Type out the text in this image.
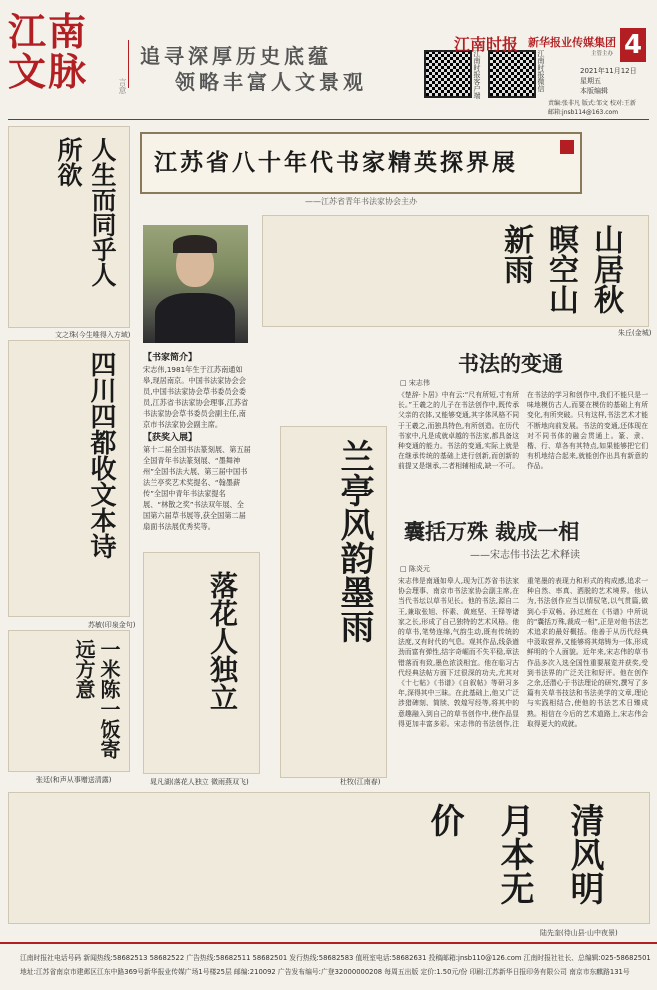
江南
文脉	言意
追寻深厚历史底蕴
领略丰富人文景观	江南时报客户端	江南时报微信
江南时报 新华报业传媒集团
主管主办 4
2021年11月12日
星期五
本版编辑
责编:张非凡 版式:邹文 校对:王新
邮箱:jnsb114@163.com
人生而同乎人所欲
文之珠(今生唯得入方域)
四川四都收文本诗
苏敏(印泉金句)
一米陈一饭寄远方意
张廷(和声从事赠送清露)
江苏省八十年代书家精英探界展
——江苏省青年书法家协会主办
【书家简介】
宋志伟,1981年生于江苏南通如皋,现居南京。中国书法家协会会员,中国书法家协会草书委员会委员,江苏省书法家协会理事,江苏省书法家协会草书委员会副主任,南京市书法家协会副主席。
【获奖入展】
第十二届全国书法篆刻展、第五届全国青年书法篆刻展、“墨舞神州”全国书法大展、第三届中国书法兰亭奖艺术奖提名、“翰墨薪传”全国中青年书法家提名展、“林散之奖”书法双年展、全国第六届草书展等,获全国第二届扇面书法展优秀奖等。
落花人独立
晁凡湖(落花人独立 微雨燕双飞)
兰亭风韵墨雨
杜牧(江南春)
山居秋暝空山新雨
朱丘(金城)
书法的变通
□ 宋志伟
《楚辞·卜居》中有云:“尺有所短,寸有所长。”王羲之的儿子在书法创作中,既传承父亲的衣钵,又能够变通,其字体风格不同于王羲之,而独具特色,有所创造。在历代书家中,凡是成就卓越的书法家,都具备这种变通的能力。书法的变通,实际上就是在继承传统的基础上进行创新,而创新的前提又是继承,二者相辅相成,缺一不可。在书法的学习和创作中,我们不能只是一味地模仿古人,而要在模仿的基础上有所变化,有所突破。只有这样,书法艺术才能不断地向前发展。书法的变通,还体现在对不同书体的融会贯通上。篆、隶、楷、行、草各有其特点,如果能够把它们有机地结合起来,就能创作出具有新意的作品。
囊括万殊 裁成一相
——宋志伟书法艺术释读
□ 陈炎元
宋志伟是南通如皋人,现为江苏省书法家协会理事、南京市书法家协会副主席,在当代书坛以草书见长。他的书法,源自二王,兼取张旭、怀素、黄庭坚、王铎等诸家之长,形成了自己独特的艺术风格。他的草书,笔势连绵,气韵生动,既有传统的法度,又有时代的气息。观其作品,线条遒劲而富有弹性,结字奇崛而不失平稳,章法错落而有致,墨色浓淡相宜。他在临习古代经典法帖方面下过很深的功夫,尤其对《十七帖》《书谱》《自叙帖》等研习多年,深得其中三昧。在此基础上,他又广泛涉猎碑刻、简牍、敦煌写经等,将其中的意趣融入到自己的草书创作中,使作品显得更加丰富多彩。宋志伟的书法创作,注重笔墨的表现力和形式的构成感,追求一种自然、率真、洒脱的艺术境界。他认为,书法创作应当以情驭笔,以气贯篇,做到心手双畅。孙过庭在《书谱》中所说的“囊括万殊,裁成一相”,正是对他书法艺术追求的最好概括。他善于从历代经典中汲取营养,又能够将其熔铸为一体,形成鲜明的个人面貌。近年来,宋志伟的草书作品多次入选全国性重要展览并获奖,受到书法界的广泛关注和好评。他在创作之余,还潜心于书法理论的研究,撰写了多篇有关草书技法和书法美学的文章,理论与实践相结合,使他的书法艺术日臻成熟。相信在今后的艺术道路上,宋志伟会取得更大的成就。
清风明月本无价
陆先奎(待山县·山中夜景)
江南时报社电话号码 新闻热线:58682513 58682522 广告热线:58682511 58682501 发行热线:58682583 值班室电话:58682631 投稿邮箱:jnsb110@126.com 江南时报社社长、总编辑:025-58682501
地址:江苏省南京市建邺区江东中路369号新华报业传媒广场1号楼25层 邮编:210092 广告发布编号:广登32000000208 每周五出版 定价:1.50元/份 印刷:江苏新华日报印务有限公司 南京市东麒路131号
